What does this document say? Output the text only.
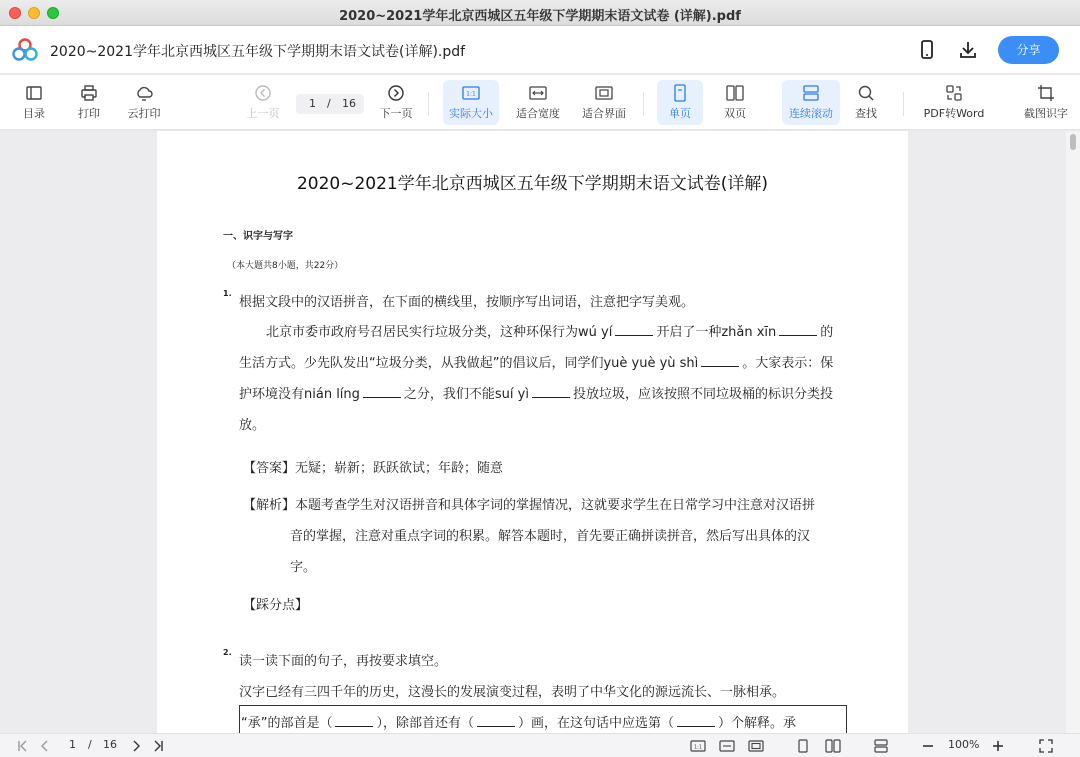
2020~2021学年北京西城区五年级下学期期末语文试卷 (详解).pdf
2020~2021学年北京西城区五年级下学期期末语文试卷(详解).pdf	分享
目录	打印	云打印	上一页
1 / 16
下一页
1:1
实际大小	适合宽度	适合界面	单页	双页	连续滚动	查找	PDF转Word	截图识字
2020~2021学年北京西城区五年级下学期期末语文试卷(详解)
一、识字与写字
（本大题共8小题，共22分）
1.
根据文段中的汉语拼音，在下面的横线里，按顺序写出词语，注意把字写美观。
北京市委市政府号召居民实行垃圾分类，这种环保行为wú yí	开启了一种zhǎn xīn	的
生活方式。少先队发出“垃圾分类，从我做起”的倡议后，同学们yuè yuè yù shì	。大家表示：保
护环境没有nián líng	之分，我们不能suí yì	投放垃圾，应该按照不同垃圾桶的标识分类投
放。
【答案】无疑；崭新；跃跃欲试；年龄；随意
【解析】本题考查学生对汉语拼音和具体字词的掌握情况，这就要求学生在日常学习中注意对汉语拼
音的掌握，注意对重点字词的积累。解答本题时，首先要正确拼读拼音，然后写出具体的汉
字。
【踩分点】
2.
读一读下面的句子，再按要求填空。
汉字已经有三四千年的历史，这漫长的发展演变过程，表明了中华文化的源远流长、一脉相承。
“承”的部首是（	），除部首还有（	）画，在这句话中应选第（	）个解释。承
1 / 16	1:1	100%
